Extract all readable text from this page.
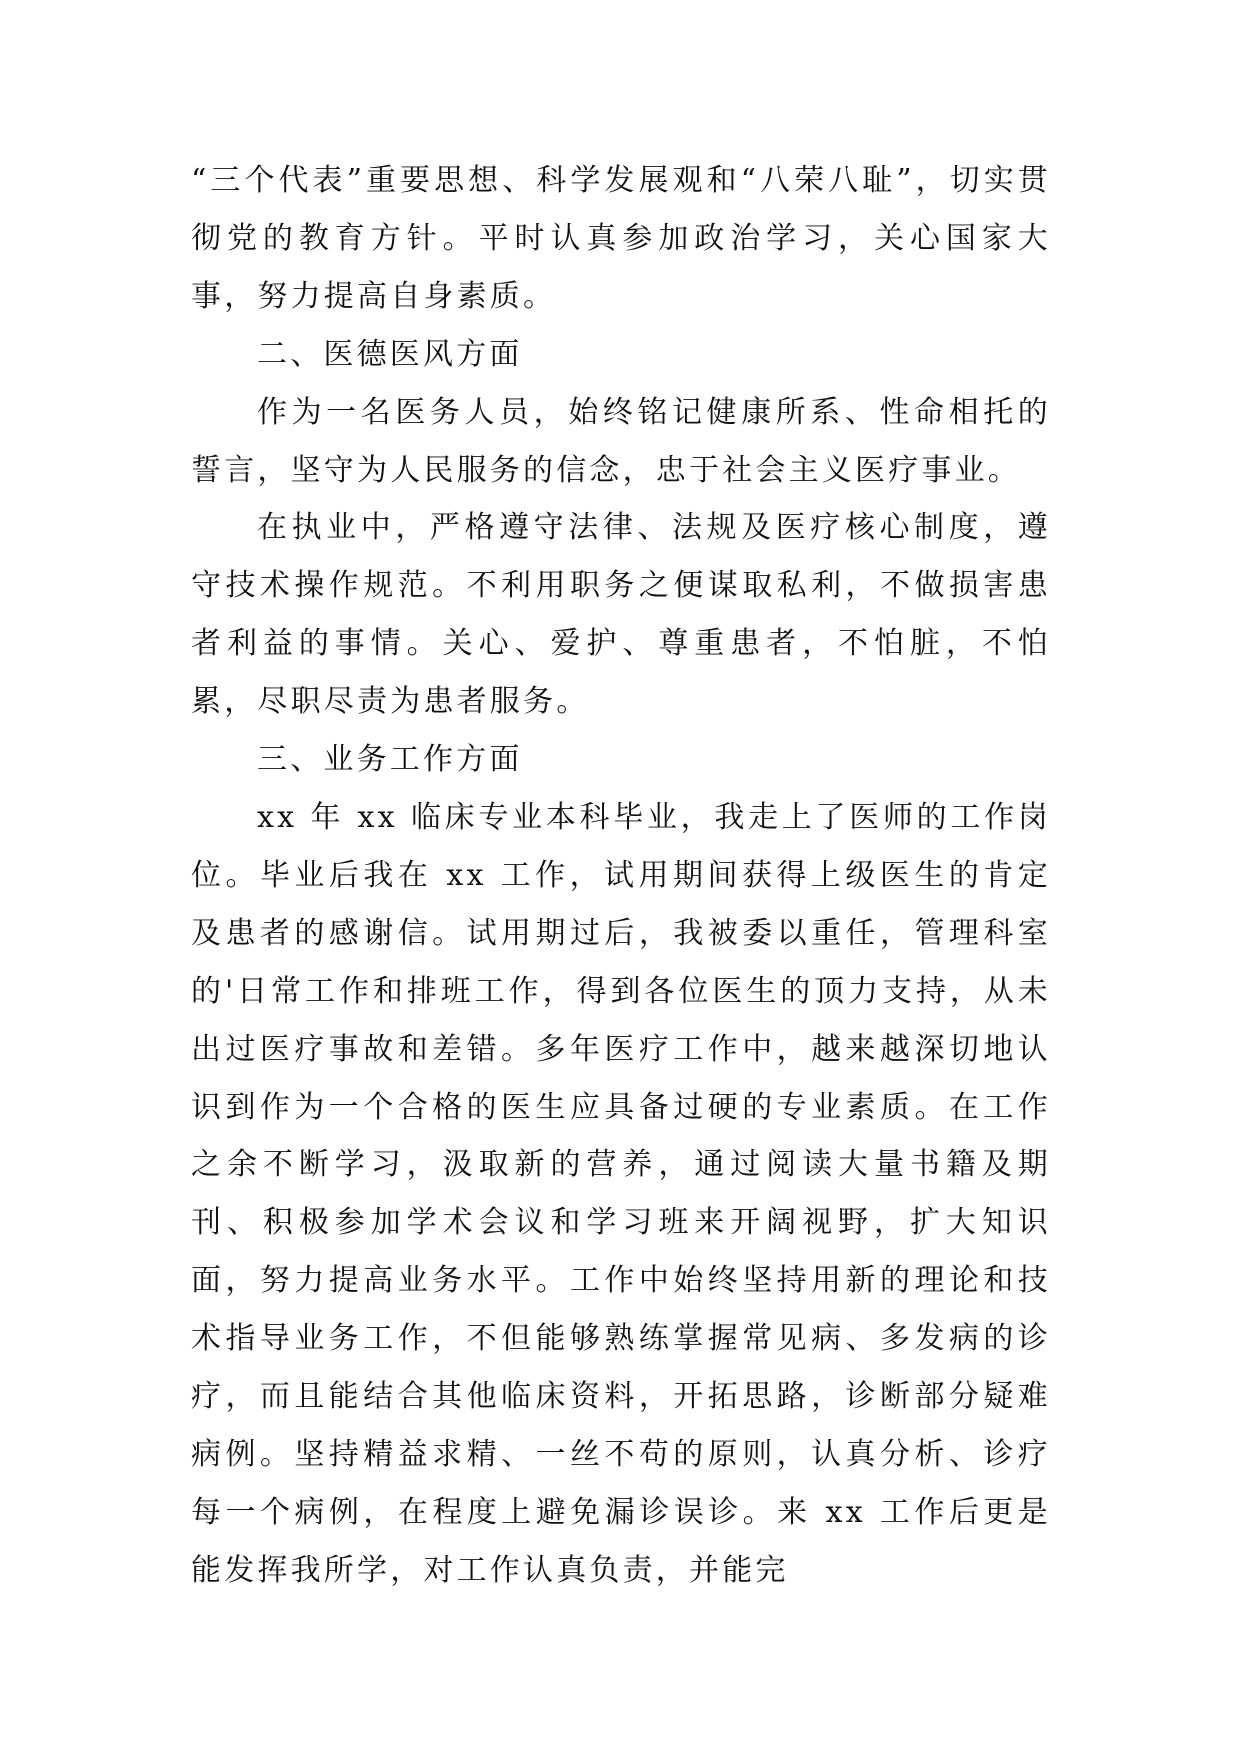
“三个代表”重要思想、科学发展观和“八荣八耻”，切实贯彻党的教育方针。平时认真参加政治学习，关心国家大事，努力提高自身素质。

二、医德医风方面

作为一名医务人员，始终铭记健康所系、性命相托的誓言，坚守为人民服务的信念，忠于社会主义医疗事业。

在执业中，严格遵守法律、法规及医疗核心制度，遵守技术操作规范。不利用职务之便谋取私利，不做损害患者利益的事情。关心、爱护、尊重患者，不怕脏，不怕累，尽职尽责为患者服务。

三、业务工作方面

xx 年 xx 临床专业本科毕业，我走上了医师的工作岗位。毕业后我在 xx 工作，试用期间获得上级医生的肯定及患者的感谢信。试用期过后，我被委以重任，管理科室的'日常工作和排班工作，得到各位医生的顶力支持，从未出过医疗事故和差错。多年医疗工作中，越来越深切地认识到作为一个合格的医生应具备过硬的专业素质。在工作之余不断学习，汲取新的营养，通过阅读大量书籍及期刊、积极参加学术会议和学习班来开阔视野，扩大知识面，努力提高业务水平。工作中始终坚持用新的理论和技术指导业务工作，不但能够熟练掌握常见病、多发病的诊疗，而且能结合其他临床资料，开拓思路，诊断部分疑难病例。坚持精益求精、一丝不苟的原则，认真分析、诊疗每一个病例，在程度上避免漏诊误诊。来 xx 工作后更是能发挥我所学，对工作认真负责，并能完
